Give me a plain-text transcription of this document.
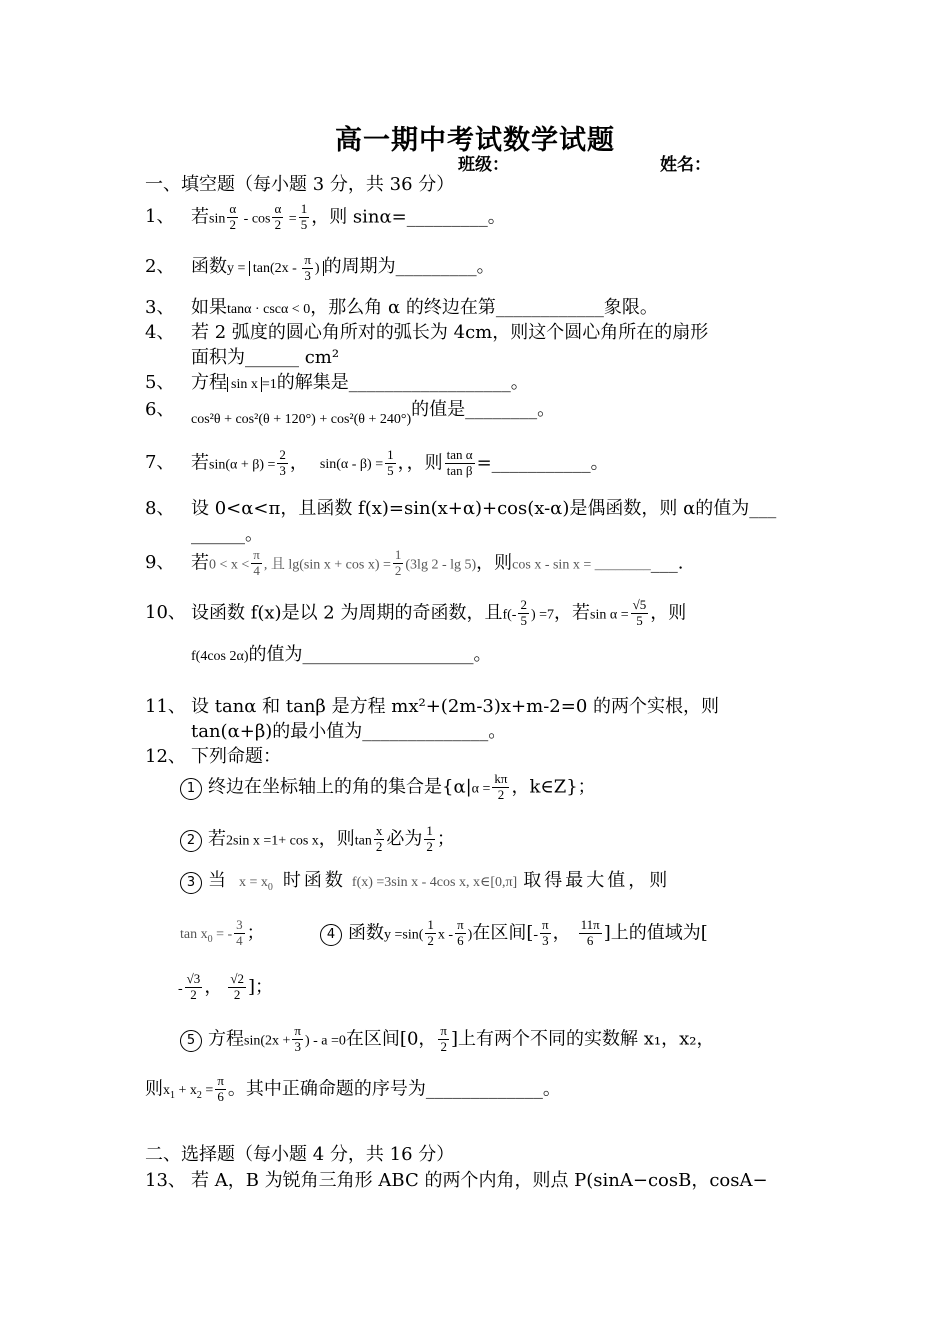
高一期中考试数学试题
班级：	姓名：
一、填空题（每小题 3 分，共 36 分）
1、 若$\sin \frac{\alpha}{2} - \cos \frac{\alpha}{2} = \frac{1}{5}$ ，则 sinα=_________。
2、 函数$y = \tan(2x - \frac{\pi}{3}$ ) 的周期为_________。
3、 如果tanα · cscα < 0，那么角 α 的终边在第____________象限。
4、 若 2 弧度的圆心角所对的弧长为 4cm，则这个圆心角所在的扇形
面积为______ cm²
5、 方程 sin x =1的解集是__________________。
6、 $_{cos^2\theta + cos^2(\theta + 120^\circ) + cos^2(\theta + 240^\circ)}$的值是________。
7、 若$\sin(\alpha + \beta) = \frac{2}{3}$ ， $\sin(\alpha - \beta) = \frac{1}{5}$ ，，则 $\frac{\text{tan α}}{\text{tan β}}$ =___________。
8、 设 0<α<π，且函数 f(x)=sin(x+α)+cos(x-α)是偶函数，则 α的值为___
______。
9、 若$0 < x < \frac{\pi}{4}$ , 且 lg(sin $x + \cos x) = \frac{1}{2} (3\lg$ 2 - lg 5)，则cos x - sin x = ___________.
10、 设函数 f(x)是以 2 为周期的奇函数，且$f(- \frac{2}{5}$ ) =7，若$\sin \alpha = \frac{√5}{5}$ ，则
f(4cos 2α)的值为___________________。
11、 设 tanα 和 tanβ 是方程 mx²+(2m-3)x+m-2=0 的两个实根，则
tan(α+β)的最小值为______________。
12、 下列命题：
1 终边在坐标轴上的角的集合是{$\alpha|\alpha = \frac{k\pi}{2}$ ，k∈Z}；
2 若2sin x =1+ cos x，则$\tan \frac{x}{2}$ 必为 $\frac{1}{2}$ ；
3 当 $x = x_0$ 时函数 f(x) =3sin x - 4cos x, x∈[0,π] 取得最大值，则
$\tan x_0$ = - $\frac{3}{4}$ ；	4 函数$y =\sin( \frac{1}{2}$ x - $\frac{\pi}{6}$ )在区间[- $\frac{\pi}{3}$ ， $\frac{11\pi}{6}$ ]上的值域为[
- $\frac{√3}{2}$ ， $\frac{√2}{2}$ ]；
5 方程$\sin(2x + \frac{\pi}{3}$ ) - a =0在区间[0， $\frac{\pi}{2}$ ]上有两个不同的实数解 x₁，x₂，
则$x_1 + x_2 = \frac{\pi}{6}$ 。其中正确命题的序号为_____________。
二、选择题（每小题 4 分，共 16 分）
13、 若 A，B 为锐角三角形 ABC 的两个内角，则点 P(sinA−cosB，cosA−
